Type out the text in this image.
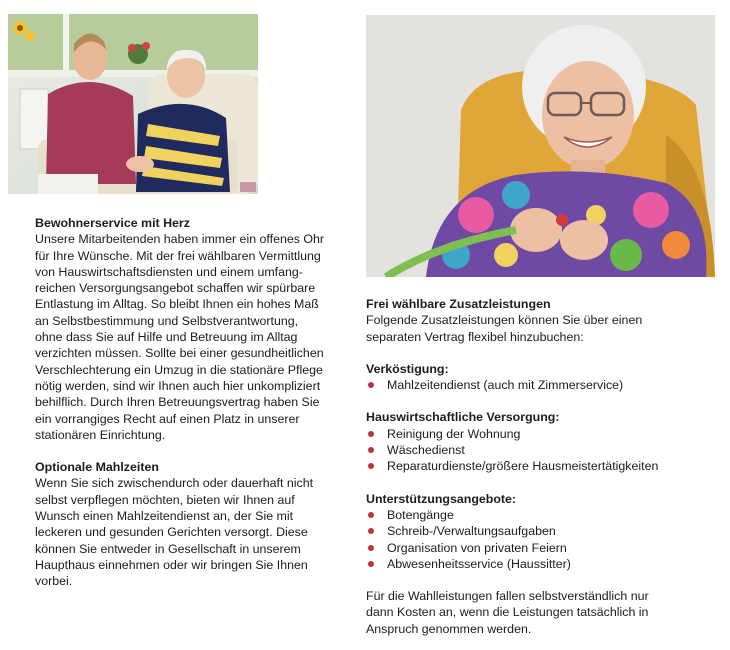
Bewohnerservice mit Herz

Unsere Mitarbeitenden haben immer ein offenes Ohr

für Ihre Wünsche. Mit der frei wählbaren Vermittlung

von Hauswirtschaftsdiensten und einem umfang-

reichen Versorgungsangebot schaffen wir spürbare

Entlastung im Alltag. So bleibt Ihnen ein hohes Maß

an Selbstbestimmung und Selbstverantwortung,

ohne dass Sie auf Hilfe und Betreuung im Alltag

verzichten müssen. Sollte bei einer gesundheitlichen

Verschlechterung ein Umzug in die stationäre Pflege

nötig werden, sind wir Ihnen auch hier unkompliziert

behilflich. Durch Ihren Betreuungsvertrag haben Sie

ein vorrangiges Recht auf einen Platz in unserer

stationären Einrichtung.

Optionale Mahlzeiten

Wenn Sie sich zwischendurch oder dauerhaft nicht

selbst verpflegen möchten, bieten wir Ihnen auf

Wunsch einen Mahlzeitendienst an, der Sie mit

leckeren und gesunden Gerichten versorgt. Diese

können Sie entweder in Gesellschaft in unserem

Haupthaus einnehmen oder wir bringen Sie Ihnen

vorbei.

Frei wählbare Zusatzleistungen

Folgende Zusatzleistungen können Sie über einen

separaten Vertrag flexibel hinzubuchen:

Verköstigung:
Mahlzeitendienst (auch mit Zimmerservice)
Hauswirtschaftliche Versorgung:
Reinigung der Wohnung
Wäschedienst
Reparaturdienste/größere Hausmeistertätigkeiten
Unterstützungsangebote:
Botengänge
Schreib-/Verwaltungsaufgaben
Organisation von privaten Feiern
Abwesenheitsservice (Haussitter)

Für die Wahlleistungen fallen selbstverständlich nur

dann Kosten an, wenn die Leistungen tatsächlich in

Anspruch genommen werden.
